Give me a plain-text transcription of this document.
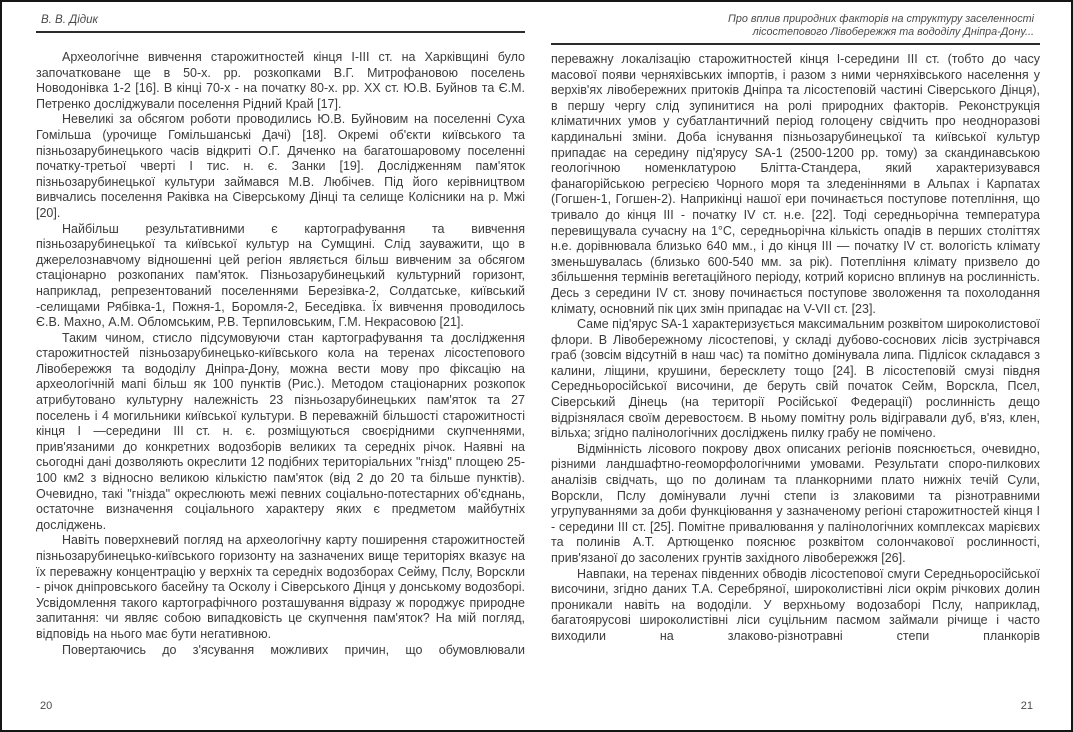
В. В. Дідик

Археологічне вивчення старожитностей кінця I-III ст. на Харківщині було започатковане ще в 50-х. рр. розкопками В.Г. Митрофановою поселень Новодонівка 1-2 [16]. В кінці 70-х - на початку 80-х. рр. XX ст. Ю.В. Буйнов та Є.М. Петренко досліджували поселення Рідний Край [17].

Невеликі за обсягом роботи проводились Ю.В. Буйновим на поселенні Суха Гомільша (урочище Гомільшанські Дачі) [18]. Окремі об'єкти київського та пізньозарубинецького часів відкриті О.Г. Дяченко на багатошаровому поселенні початку-третьої чверті I тис. н. є. Занки [19]. Дослідженням пам'яток пізньозарубинецької культури займався М.В. Любічев. Під його керівництвом вивчались поселення Раківка на Сіверському Дінці та селище Колісники на р. Мжі [20].

Найбільш результативними є картографування та вивчення пізньозарубинецької та київської культур на Сумщині. Слід зауважити, що в джерелознавчому відношенні цей регіон являється більш вивченим за обсягом стаціонарно розкопаних пам'яток. Пізньозарубинецький культурний горизонт, наприклад, репрезентований поселеннями Березівка-2, Солдатське, київський -селищами Рябівка-1, Пожня-1, Боромля-2, Беседівка. Їх вивчення проводилось Є.В. Махно, А.М. Обломським, Р.В. Терпиловським, Г.М. Некрасовою [21].

Таким чином, стисло підсумовуючи стан картографування та дослідження старожитностей пізньозарубинецько-київського кола на теренах лісостепового Лівобережжя та вододілу Дніпра-Дону, можна вести мову про фіксацію на археологічній мапі більш як 100 пунктів (Рис.). Методом стаціонарних розкопок атрибутовано культурну належність 23 пізньозарубинецьких пам'яток та 27 поселень і 4 могильники київської культури. В переважній більшості старожитності кінця I —середини III ст. н. є. розміщуються своєрідними скупченнями, прив'язаними до конкретних водозборів великих та середніх річок. Наявні на сьогодні дані дозволяють окреслити 12 подібних територіальних "гнізд" площею 25-100 км2 з відносно великою кількістю пам'яток (від 2 до 20 та більше пунктів). Очевидно, такі "гнізда" окреслюють межі певних соціально-потестарних об'єднань, остаточне визначення соціального характеру яких є предметом майбутніх досліджень.

Навіть поверхневий погляд на археологічну карту поширення старожитностей пізньозарубинецько-київського горизонту на зазначених вище територіях вказує на їх переважну концентрацію у верхніх та середніх водозборах Сейму, Пслу, Ворскли - річок дніпровського басейну та Осколу і Сіверського Дінця у донському водозборі. Усвідомлення такого картографічного розташування відразу ж породжує природне запитання: чи являє собою випадковість це скупчення пам'яток? На мій погляд, відповідь на нього має бути негативною.

Повертаючись до з'ясування можливих причин, що обумовлювали

Про вплив природних факторів на структуру заселенності
лісостепового Лівобережжя та вододілу Дніпра-Дону...

переважну локалізацію старожитностей кінця I-середини III ст. (тобто до часу масової появи черняхівських імпортів, і разом з ними черняхівського населення у верхів'ях лівобережних притоків Дніпра та лісостеповій частині Сіверського Дінця), в першу чергу слід зупинитися на ролі природних факторів. Реконструкція кліматичних умов у субатлантичний період голоцену свідчить про неодноразові кардинальні зміни. Доба існування пізньозарубинецької та київської культур припадає на середину під'ярусу SA-1 (2500-1200 рр. тому) за скандинавською геологічною номенклатурою Блітта-Стандера, який характеризувався фанагорійською регресією Чорного моря та зледеніннями в Альпах і Карпатах (Гогшен-1, Гогшен-2). Наприкінці нашої ери починається поступове потепління, що тривало до кінця III - початку IV ст. н.е. [22]. Тоді середньорічна температура перевищувала сучасну на 1°С, середньорічна кількість опадів в перших століттях н.е. дорівнювала близько 640 мм., і до кінця III — початку IV ст. вологість клімату зменьшувалась (близько 600-540 мм. за рік). Потепління клімату призвело до збільшення термінів вегетаційного періоду, котрий корисно вплинув на рослинність. Десь з середини IV ст. знову починається поступове зволоження та похолодання клімату, основний пік цих змін припадає на V-VII ст. [23].

Саме під'ярус SA-1 характеризується максимальним розквітом широколистової флори. В Лівобережному лісостепові, у складі дубово-соснових лісів зустрічався граб (зовсім відсутній в наш час) та помітно домінувала липа. Підлісок складався з калини, ліщини, крушини, бересклету тощо [24]. В лісостеповій смузі півдня Середньоросійської височини, де беруть свій початок Сейм, Ворскла, Псел, Сіверський Дінець (на території Російської Федерації) рослинність дещо відрізнялася своїм деревостоєм. В ньому помітну роль відігравали дуб, в'яз, клен, вільха; згідно палінологічних досліджень пилку грабу не помічено.

Відмінність лісового покрову двох описаних регіонів пояснюється, очевидно, різними ландшафтно-геоморфологічними умовами. Результати споро-пилкових аналізів свідчать, що по долинам та планкорними плато нижніх течій Сули, Ворскли, Пслу домінували лучні степи із злаковими та різнотравними угрупуваннями за доби функціювання у зазначеному регіоні старожитностей кінця I - середини III ст. [25]. Помітне привалювання у палінологічних комплексах марієвих та полинів А.Т. Артющенко пояснює розквітом солончакової рослинності, прив'язаної до засолених грунтів західного лівобережжя [26].

Навпаки, на теренах південних обводів лісостепової смуги Середньоросійської височини, згідно даних Т.А. Серебряної, широколистівні ліси окрім річкових долин проникали навіть на вододіли. У верхньому водозаборі Пслу, наприклад, багатоярусові широколистівні ліси суцільним пасмом займали річище і часто виходили на злаково-різнотравні степи планкорів

20	21
